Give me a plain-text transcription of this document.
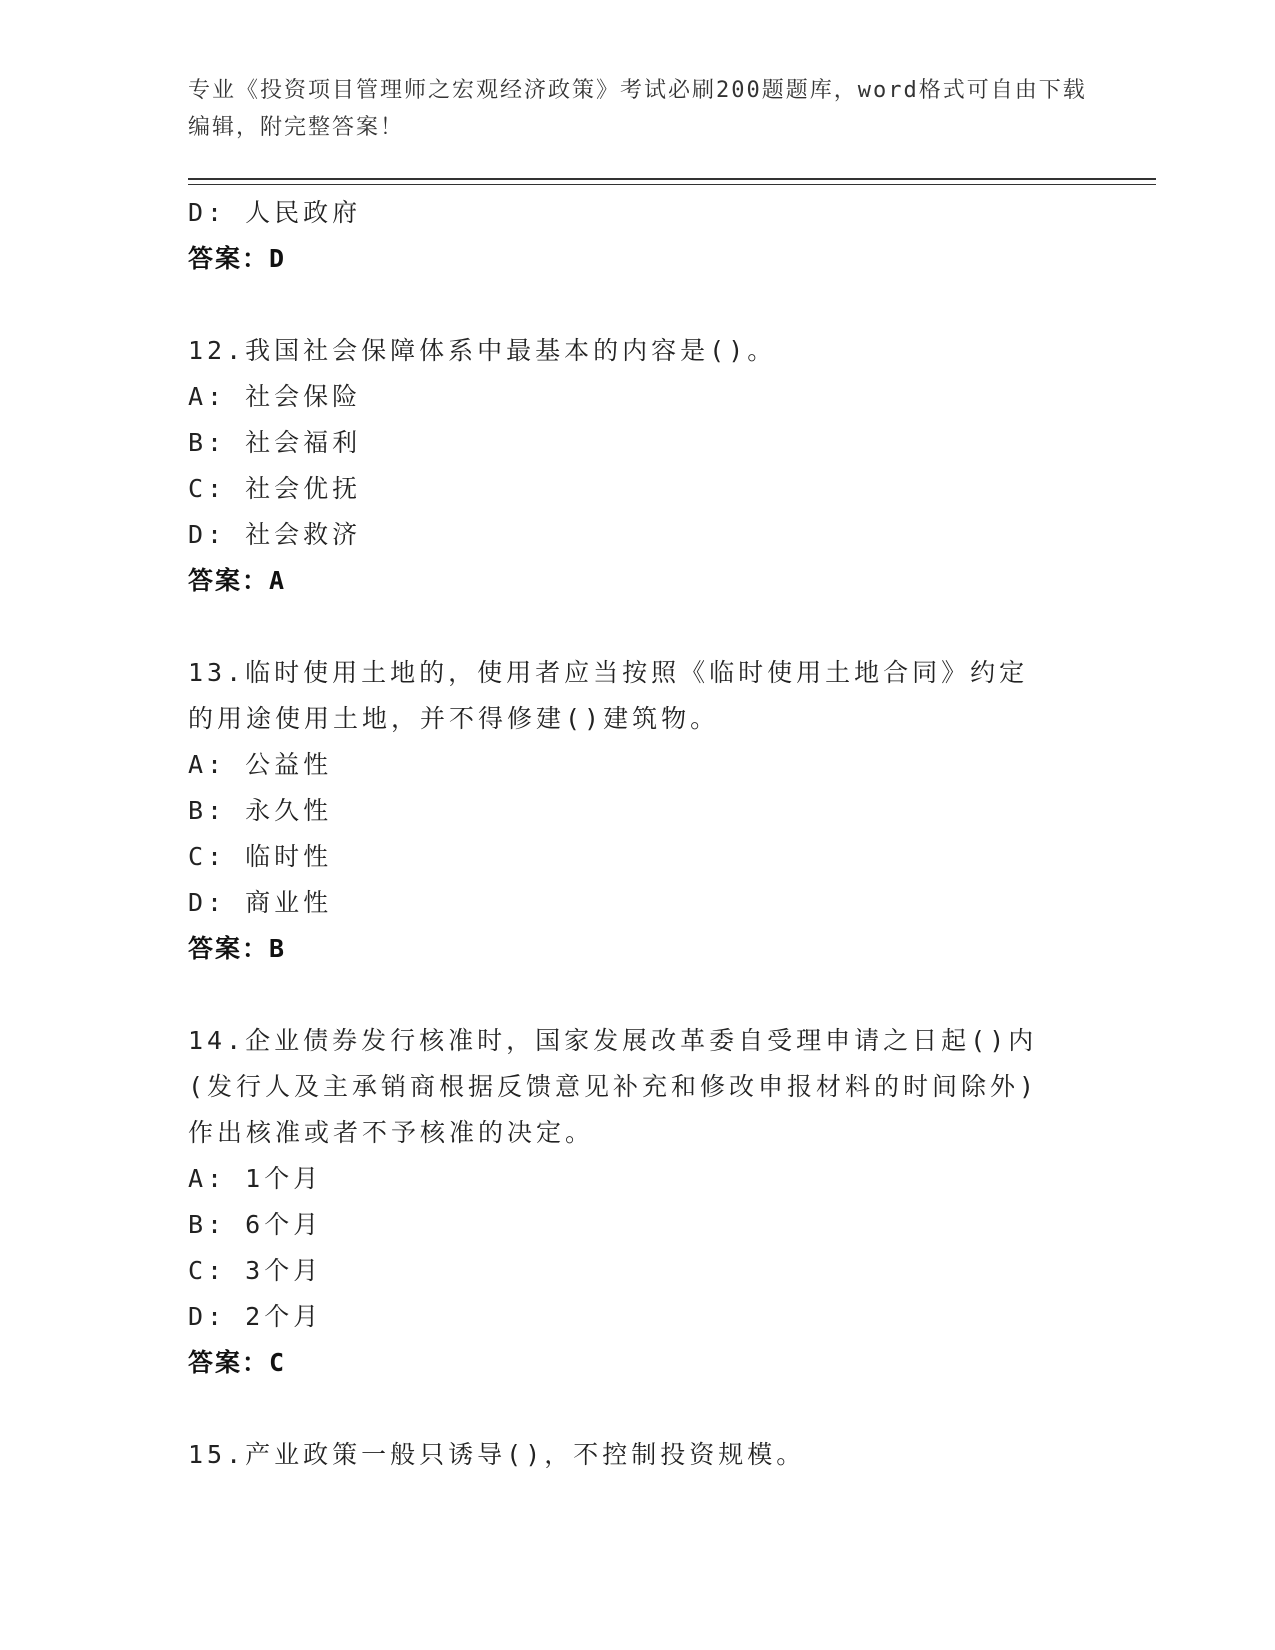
专业《投资项目管理师之宏观经济政策》考试必刷200题题库，word格式可自由下载编辑，附完整答案！
D: 人民政府
答案：D
12.我国社会保障体系中最基本的内容是()。
A: 社会保险
B: 社会福利
C: 社会优抚
D: 社会救济
答案：A
13.临时使用土地的，使用者应当按照《临时使用土地合同》约定的用途使用土地，并不得修建()建筑物。
A: 公益性
B: 永久性
C: 临时性
D: 商业性
答案：B
14.企业债券发行核准时，国家发展改革委自受理申请之日起()内(发行人及主承销商根据反馈意见补充和修改申报材料的时间除外)作出核准或者不予核准的决定。
A: 1个月
B: 6个月
C: 3个月
D: 2个月
答案：C
15.产业政策一般只诱导()，不控制投资规模。
